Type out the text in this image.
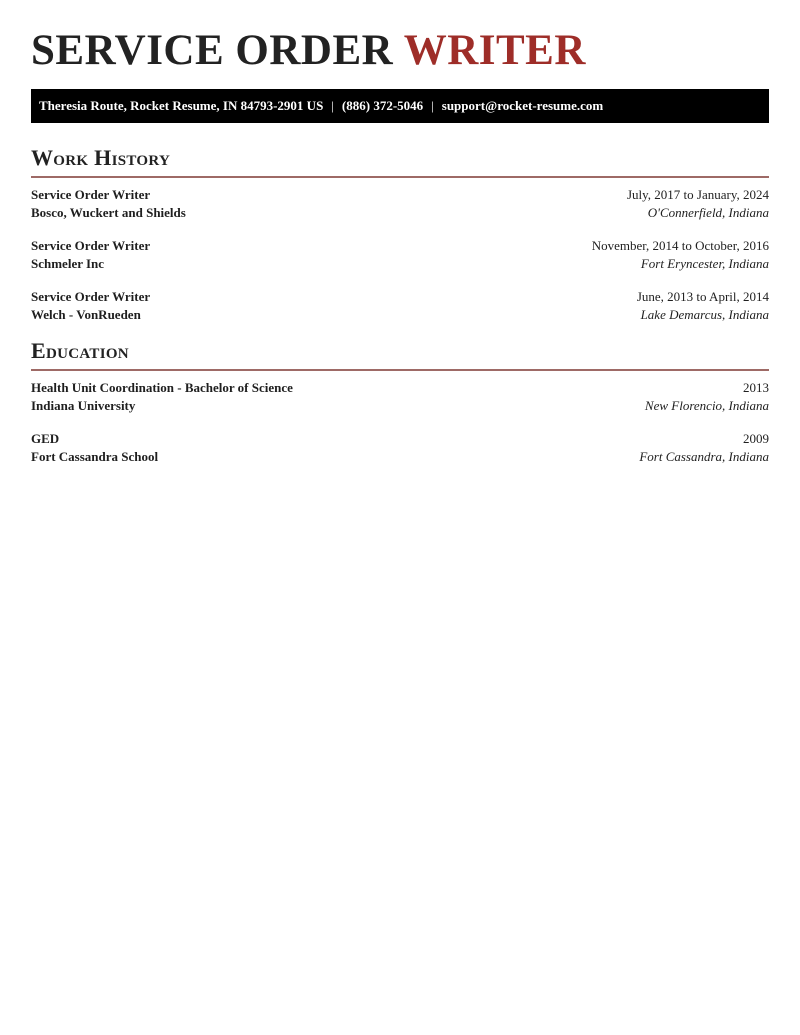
SERVICE ORDER WRITER
Theresia Route, Rocket Resume, IN 84793-2901 US | (886) 372-5046 | support@rocket-resume.com
Work History
Service Order Writer	July, 2017 to January, 2024
Bosco, Wuckert and Shields	O'Connerfield, Indiana
Service Order Writer	November, 2014 to October, 2016
Schmeler Inc	Fort Eryncester, Indiana
Service Order Writer	June, 2013 to April, 2014
Welch - VonRueden	Lake Demarcus, Indiana
Education
Health Unit Coordination - Bachelor of Science	2013
Indiana University	New Florencio, Indiana
GED	2009
Fort Cassandra School	Fort Cassandra, Indiana
